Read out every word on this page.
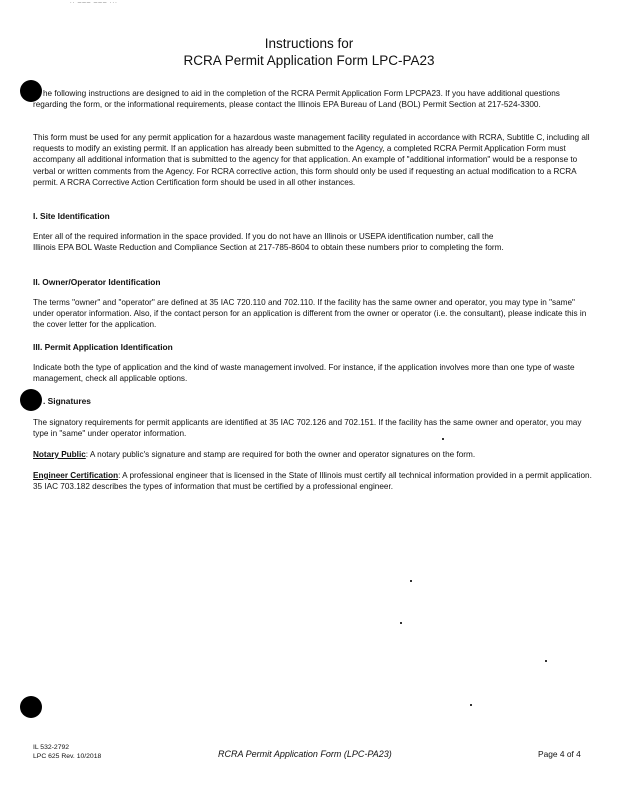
·· ─── ─── ···
Instructions for
RCRA Permit Application Form LPC-PA23

he following instructions are designed to aid in the completion of the RCRA Permit Application Form LPCPA23. If you have additional questions regarding the form, or the informational requirements, please contact the Illinois EPA Bureau of Land (BOL) Permit Section at 217-524-3300.

This form must be used for any permit application for a hazardous waste management facility regulated in accordance with RCRA, Subtitle C, including all requests to modify an existing permit. If an application has already been submitted to the Agency, a completed RCRA Permit Application Form must accompany all additional information that is submitted to the agency for that application. An example of "additional information" would be a response to verbal or written comments from the Agency. For RCRA corrective action, this form should only be used if requesting an actual modification to a RCRA permit. A RCRA Corrective Action Certification form should be used in all other instances.

I. Site Identification
Enter all of the required information in the space provided. If you do not have an Illinois or USEPA identification number, call the Illinois EPA BOL Waste Reduction and Compliance Section at 217-785-8604 to obtain these numbers prior to completing the form.
II. Owner/Operator Identification
The terms "owner" and "operator" are defined at 35 IAC 720.110 and 702.110. If the facility has the same owner and operator, you may type in "same" under operator information. Also, if the contact person for an application is different from the owner or operator (i.e. the consultant), please indicate this in the cover letter for the application.
III. Permit Application Identification
Indicate both the type of application and the kind of waste management involved. For instance, if the application involves more than one type of waste management, check all applicable options.
. Signatures
The signatory requirements for permit applicants are identified at 35 IAC 702.126 and 702.151. If the facility has the same owner and operator, you may type in "same" under operator information.
Notary Public: A notary public's signature and stamp are required for both the owner and operator signatures on the form.
Engineer Certification: A professional engineer that is licensed in the State of Illinois must certify all technical information provided in a permit application. 35 IAC 703.182 describes the types of information that must be certified by a professional engineer.
IL 532-2792
LPC 625 Rev. 10/2018	RCRA Permit Application Form (LPC-PA23)	Page 4 of 4
